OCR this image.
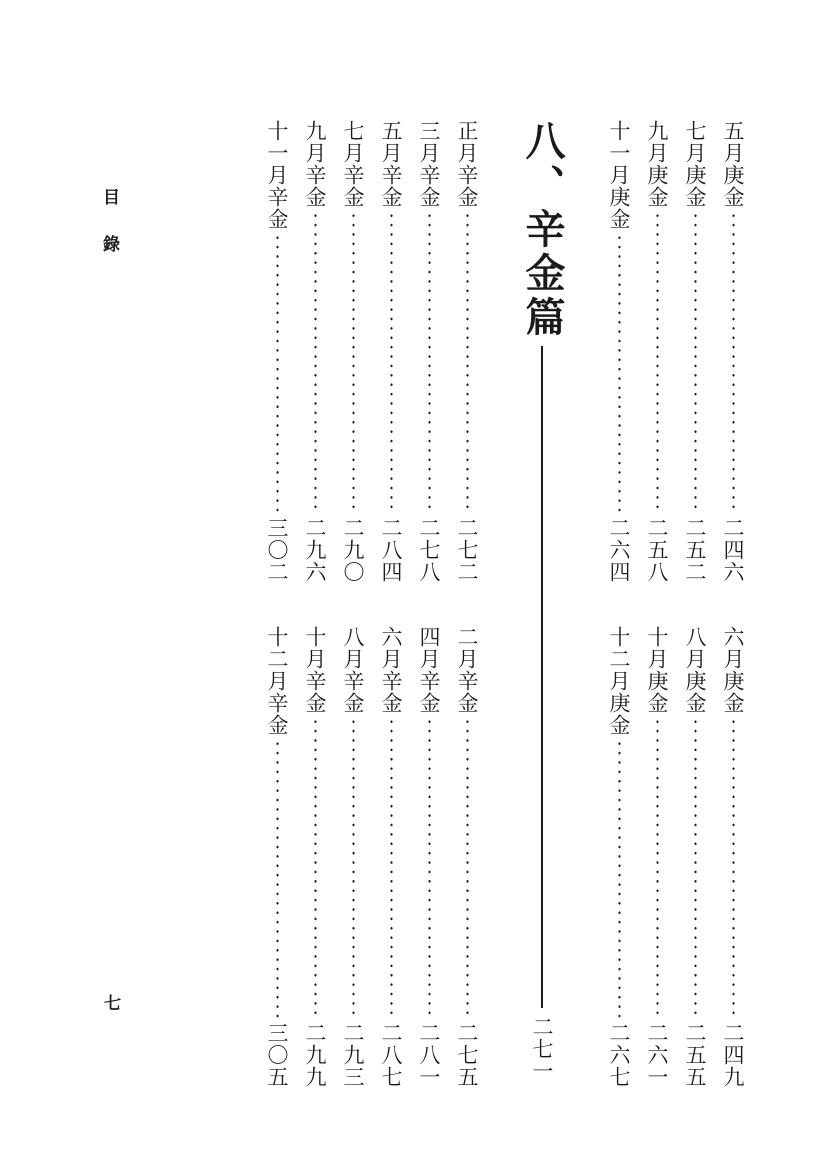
目錄
七
五月庚金
二四六
七月庚金
二五二
九月庚金
二五八
十一月庚金
二六四
六月庚金
二四九
八月庚金
二五五
十月庚金
二六一
十二月庚金
二六七
八、辛金篇
二七一
正月辛金
二七二
三月辛金
二七八
五月辛金
二八四
七月辛金
二九〇
九月辛金
二九六
十一月辛金
三〇二
二月辛金
二七五
四月辛金
二八一
六月辛金
二八七
八月辛金
二九三
十月辛金
二九九
十二月辛金
三〇五
